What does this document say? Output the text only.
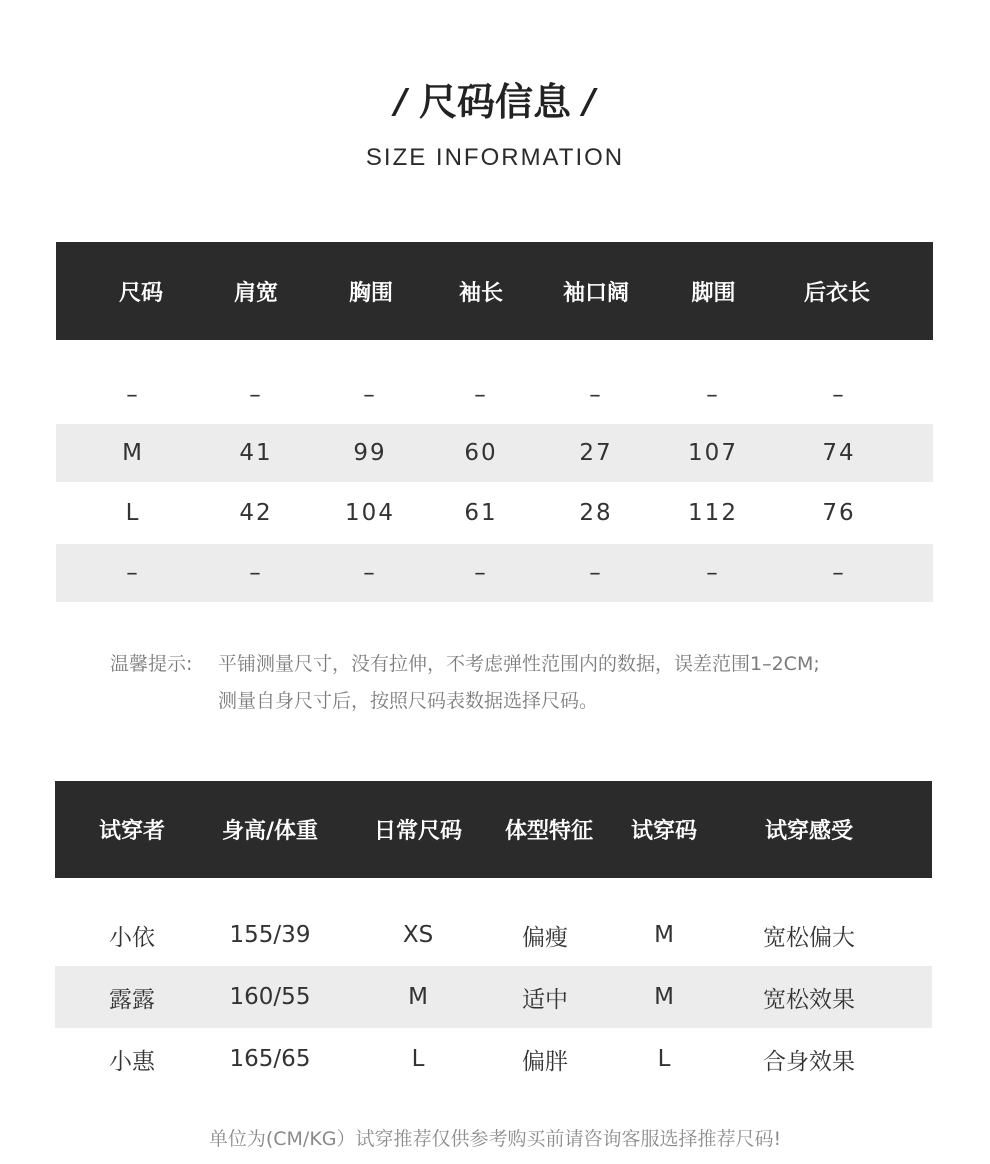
/ 尺码信息 /
SIZE INFORMATION
尺码	肩宽	胸围	袖长	袖口阔	脚围	后衣长
–	–	–	–	–	–	–
M	41	99	60	27	107	74
L	42	104	61	28	112	76
–	–	–	–	–	–	–
温馨提示:	平铺测量尺寸，没有拉伸，不考虑弹性范围内的数据，误差范围1–2CM;
测量自身尺寸后，按照尺码表数据选择尺码。
试穿者	身高/体重	日常尺码	体型特征	试穿码	试穿感受
小依	155/39	XS	偏瘦	M	宽松偏大
露露	160/55	M	适中	M	宽松效果
小惠	165/65	L	偏胖	L	合身效果
单位为(CM/KG）试穿推荐仅供参考购买前请咨询客服选择推荐尺码!
